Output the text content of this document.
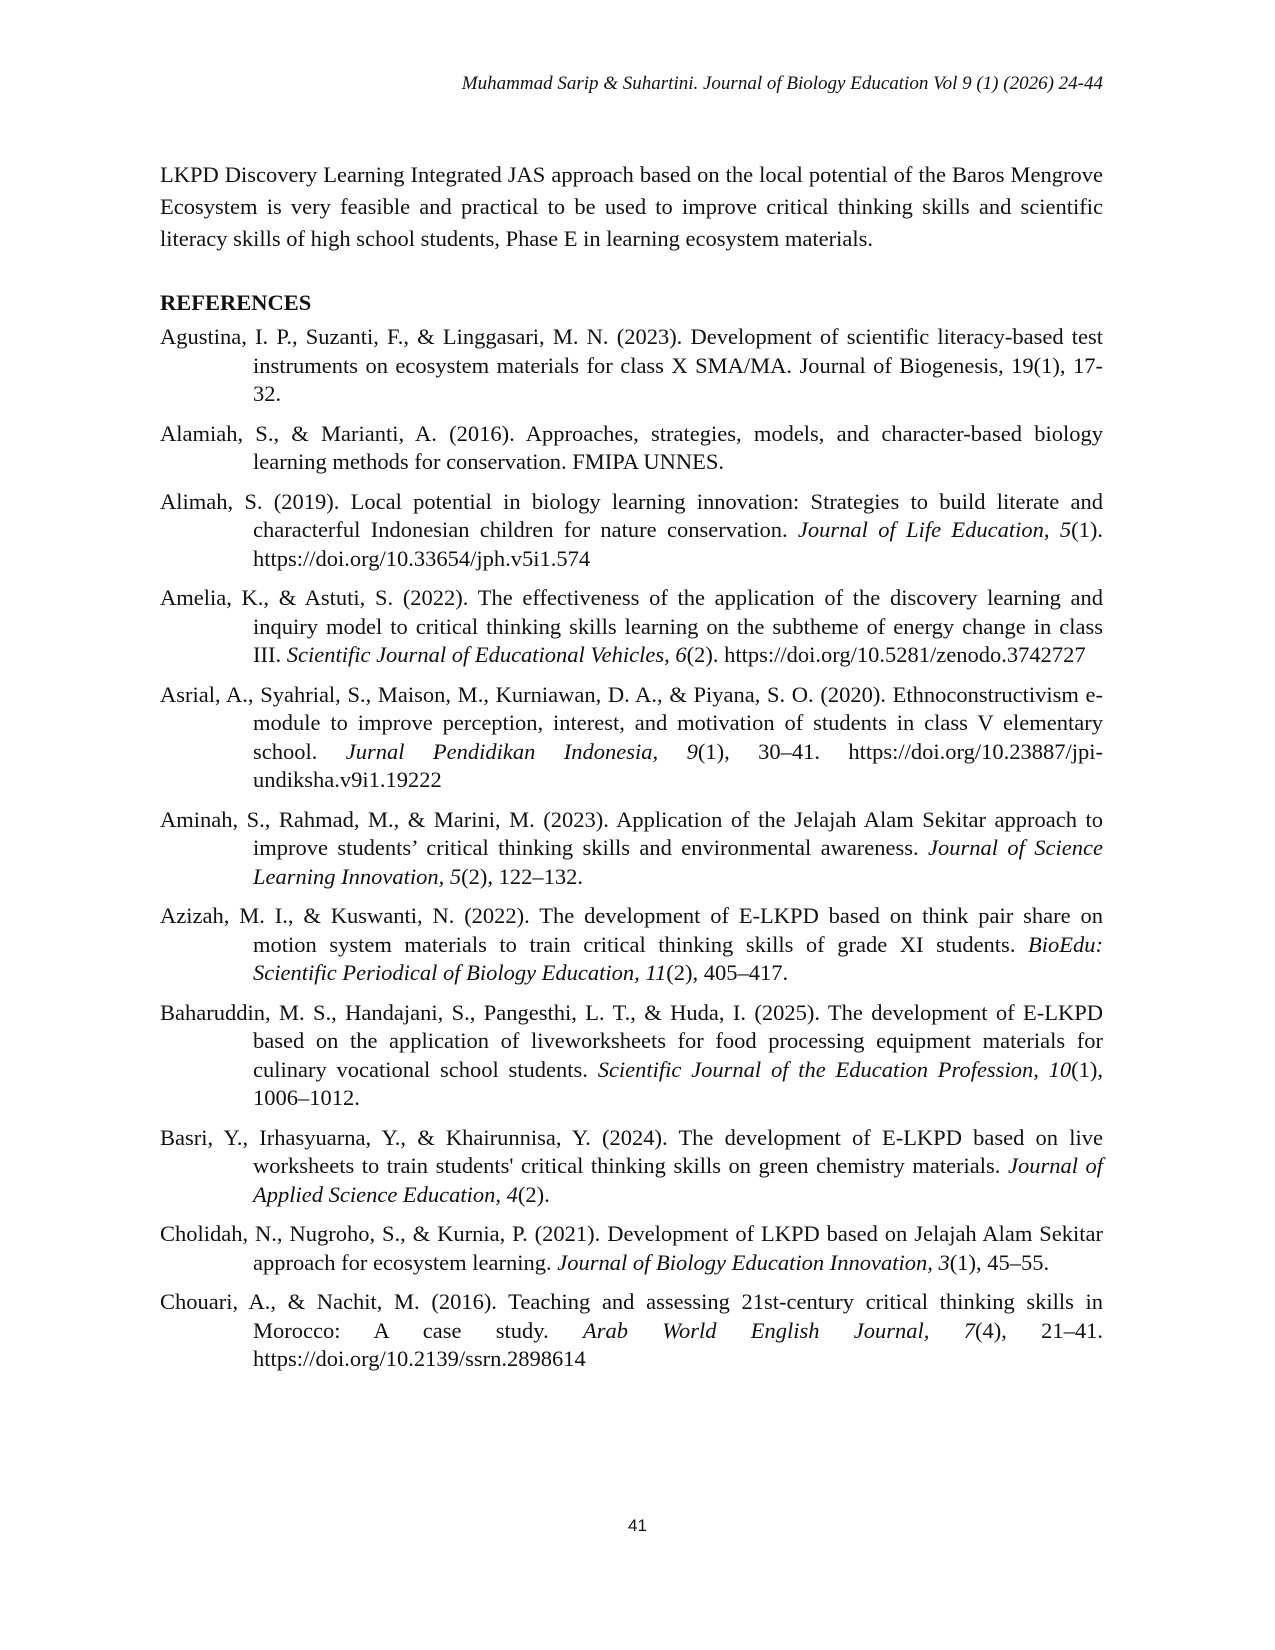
Muhammad Sarip & Suhartini. Journal of Biology Education Vol 9 (1) (2026) 24-44

LKPD Discovery Learning Integrated JAS approach based on the local potential of the Baros Mengrove Ecosystem is very feasible and practical to be used to improve critical thinking skills and scientific literacy skills of high school students, Phase E in learning ecosystem materials.

REFERENCES
Agustina, I. P., Suzanti, F., & Linggasari, M. N. (2023). Development of scientific literacy-based test instruments on ecosystem materials for class X SMA/MA. Journal of Biogenesis, 19(1), 17-32.
Alamiah, S., & Marianti, A. (2016). Approaches, strategies, models, and character-based biology learning methods for conservation. FMIPA UNNES.
Alimah, S. (2019). Local potential in biology learning innovation: Strategies to build literate and characterful Indonesian children for nature conservation. Journal of Life Education, 5(1). https://doi.org/10.33654/jph.v5i1.574
Amelia, K., & Astuti, S. (2022). The effectiveness of the application of the discovery learning and inquiry model to critical thinking skills learning on the subtheme of energy change in class III. Scientific Journal of Educational Vehicles, 6(2). https://doi.org/10.5281/zenodo.3742727
Asrial, A., Syahrial, S., Maison, M., Kurniawan, D. A., & Piyana, S. O. (2020). Ethnoconstructivism e-module to improve perception, interest, and motivation of students in class V elementary school. Jurnal Pendidikan Indonesia, 9(1), 30–41. https://doi.org/10.23887/jpi-undiksha.v9i1.19222
Aminah, S., Rahmad, M., & Marini, M. (2023). Application of the Jelajah Alam Sekitar approach to improve students’ critical thinking skills and environmental awareness. Journal of Science Learning Innovation, 5(2), 122–132.
Azizah, M. I., & Kuswanti, N. (2022). The development of E-LKPD based on think pair share on motion system materials to train critical thinking skills of grade XI students. BioEdu: Scientific Periodical of Biology Education, 11(2), 405–417.
Baharuddin, M. S., Handajani, S., Pangesthi, L. T., & Huda, I. (2025). The development of E-LKPD based on the application of liveworksheets for food processing equipment materials for culinary vocational school students. Scientific Journal of the Education Profession, 10(1), 1006–1012.
Basri, Y., Irhasyuarna, Y., & Khairunnisa, Y. (2024). The development of E-LKPD based on live worksheets to train students' critical thinking skills on green chemistry materials. Journal of Applied Science Education, 4(2).
Cholidah, N., Nugroho, S., & Kurnia, P. (2021). Development of LKPD based on Jelajah Alam Sekitar approach for ecosystem learning. Journal of Biology Education Innovation, 3(1), 45–55.
Chouari, A., & Nachit, M. (2016). Teaching and assessing 21st-century critical thinking skills in Morocco: A case study. Arab World English Journal, 7(4), 21–41. https://doi.org/10.2139/ssrn.2898614
41
